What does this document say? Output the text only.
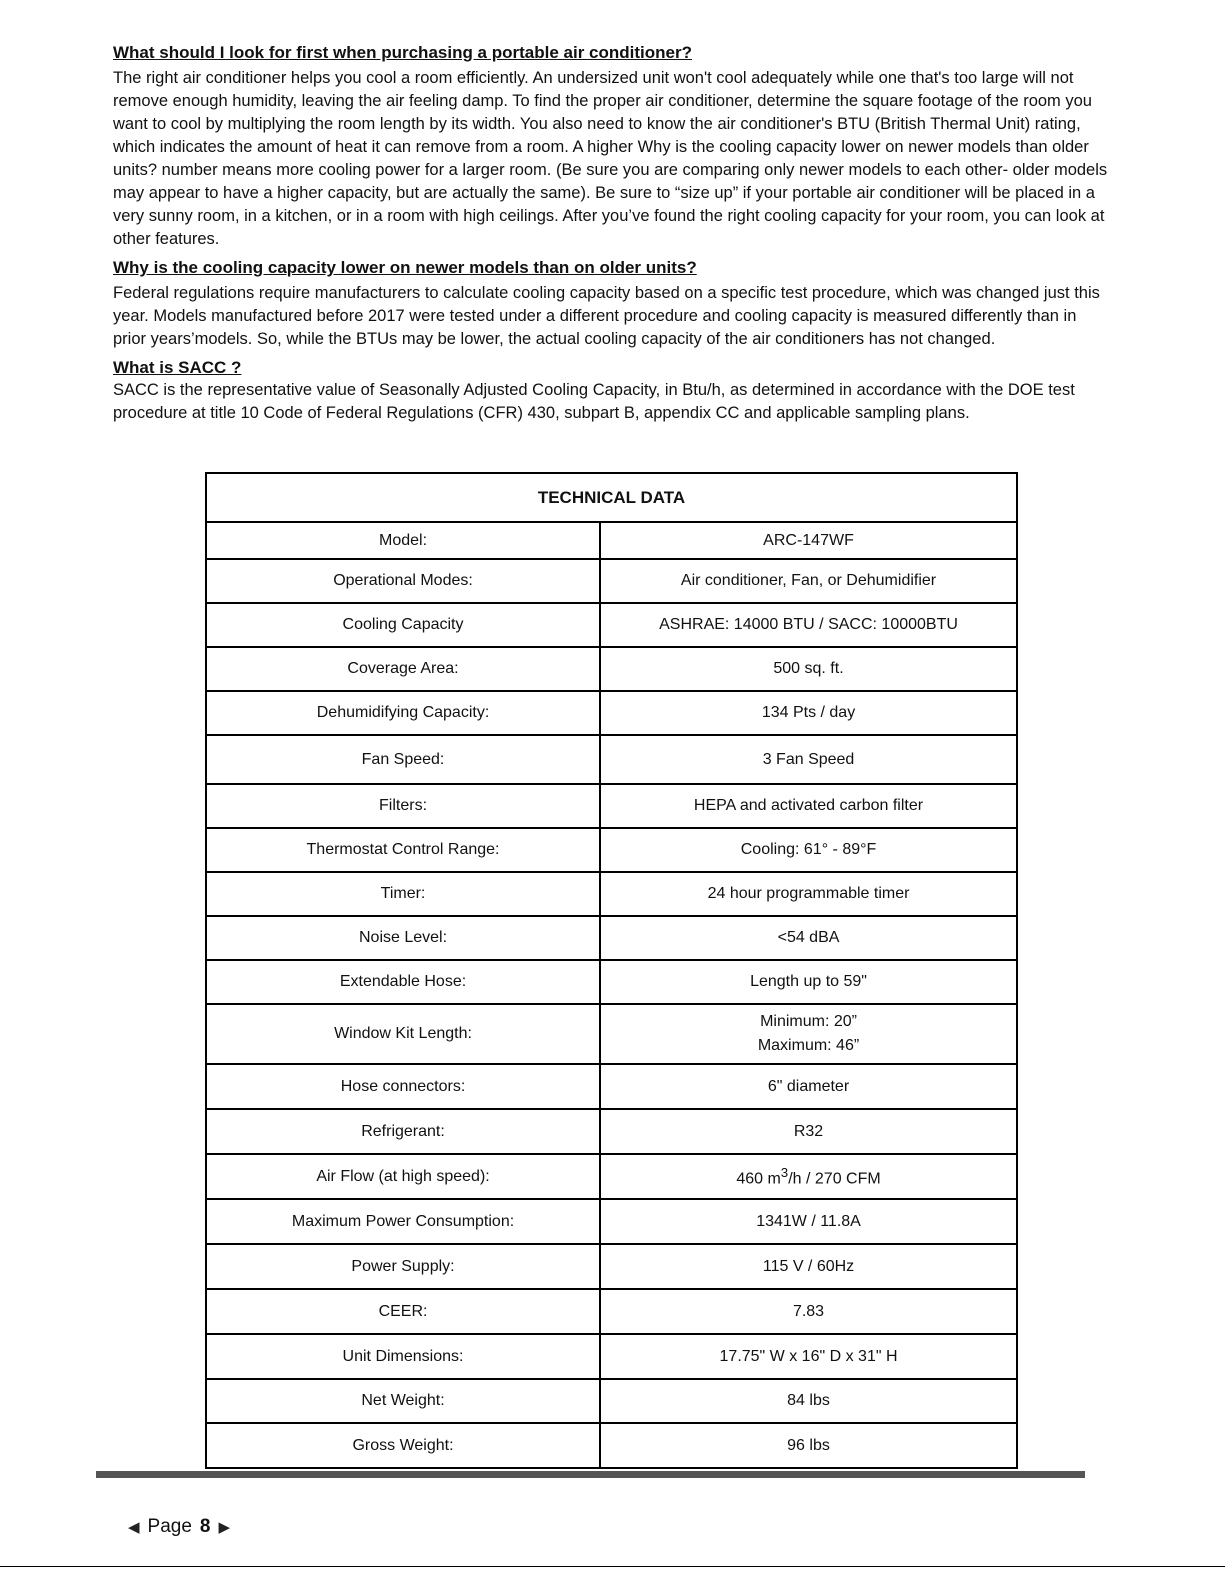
What should I look for first when purchasing a portable air conditioner?

The right air conditioner helps you cool a room efficiently. An undersized unit won't cool adequately while one that's too large will not remove enough humidity, leaving the air feeling damp. To find the proper air conditioner, determine the square footage of the room you want to cool by multiplying the room length by its width. You also need to know the air conditioner's BTU (British Thermal Unit) rating, which indicates the amount of heat it can remove from a room. A higher Why is the cooling capacity lower on newer models than older units? number means more cooling power for a larger room. (Be sure you are comparing only newer models to each other- older models may appear to have a higher capacity, but are actually the same). Be sure to “size up” if your portable air conditioner will be placed in a very sunny room, in a kitchen, or in a room with high ceilings. After you’ve found the right cooling capacity for your room, you can look at other features.

Why is the cooling capacity lower on newer models than on older units?

Federal regulations require manufacturers to calculate cooling capacity based on a specific test procedure, which was changed just this year. Models manufactured before 2017 were tested under a different procedure and cooling capacity is measured differently than in prior years’models. So, while the BTUs may be lower, the actual cooling capacity of the air conditioners has not changed.

What is SACC ?

SACC is the representative value of Seasonally Adjusted Cooling Capacity, in Btu/h, as determined in accordance with the DOE test procedure at title 10 Code of Federal Regulations (CFR) 430, subpart B, appendix CC and applicable sampling plans.

TECHNICAL DATA	
Model:	ARC-147WF
Operational Modes:	Air conditioner, Fan, or Dehumidifier
Cooling Capacity	ASHRAE: 14000 BTU / SACC: 10000BTU
Coverage Area:	500 sq. ft.
Dehumidifying Capacity:	134 Pts / day
Fan Speed:	3 Fan Speed
Filters:	HEPA and activated carbon filter
Thermostat Control Range:	Cooling: 61° - 89°F
Timer:	24 hour programmable timer
Noise Level:	<54 dBA
Extendable Hose:	Length up to 59"
Window Kit Length:	Minimum: 20”
Maximum: 46”

Hose connectors:	6" diameter
Refrigerant:	R32
Air Flow (at high speed):	460 $m^3/h / 270$ CFM
Maximum Power Consumption:	1341W / 11.8A
Power Supply:	115 V / 60Hz
CEER:	7.83
Unit Dimensions:	17.75" W x 16" D x 31" H
Net Weight:	84 lbs
Gross Weight:	96 lbs
◀ Page 8 ▶
